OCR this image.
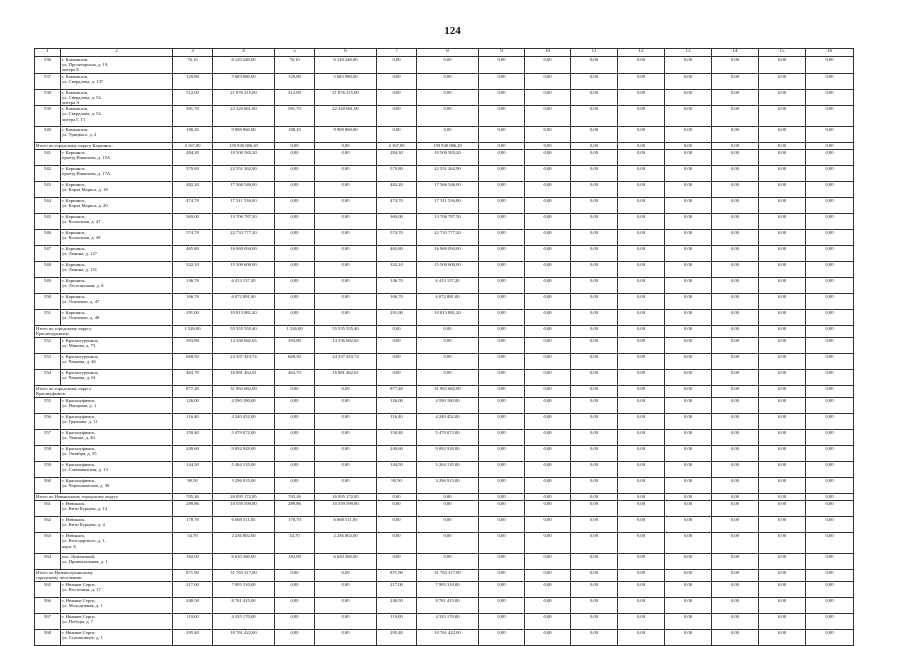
124
1	2	3	4	5	6	7	8	9	10	11	12	13	14	15	16
536	г. Камышлов,
ул. Пролетарская, д. 19,
литера Б	76,10	6 120 240,00	76,10	6 120 240,00	0,00	0,00	0,00	0,00	0,00	0,00	0,00	0,00	0,00	0,00
537	г. Камышлов,
ул. Свердлова, д. 137	129,80	5 683 080,00	129,80	5 683 080,00	0,00	0,00	0,00	0,00	0,00	0,00	0,00	0,00	0,00	0,00
538	г. Камышлов,
ул. Свердлова, д. 52,
литера А	512,00	21 876 215,00	512,00	21 876 215,00	0,00	0,00	0,00	0,00	0,00	0,00	0,00	0,00	0,00	0,00
539	г. Камышлов,
ул. Свердлова, д. 52,
литера Г, Г1	581,70	22 320 661,00	581,70	22 320 661,00	0,00	0,00	0,00	0,00	0,00	0,00	0,00	0,00	0,00	0,00
540	г. Камышлов,
ул. Урицкого, д. 2	188,20	9 908 960,00	188,20	9 908 960,00	0,00	0,00	0,00	0,00	0,00	0,00	0,00	0,00	0,00	0,00
Итого по городскому округу Карпинск:		4 167,00	159 940 086,20	0,00	0,00	4 167,00	159 940 086,20	0,00	0,00	0,00	0,00	0,00	0,00	0,00	0,00
541	г. Карпинск,
проезд Накипова, д. 15А	284,30	10 500 583,20	0,00	0,00	284,30	10 500 583,20	0,00	0,00	0,00	0,00	0,00	0,00	0,00	0,00
542	г. Карпинск,
проезд Накипова, д. 17А	579,80	22 551 262,90	0,00	0,00	579,80	22 551 262,90	0,00	0,00	0,00	0,00	0,00	0,00	0,00	0,00
543	г. Карпинск,
ул. Карла Маркса, д. 18	482,20	17 566 546,00	0,00	0,00	482,20	17 566 546,00	0,00	0,00	0,00	0,00	0,00	0,00	0,00	0,00
544	г. Карпинск,
ул. Карла Маркса, д. 20	474,70	17 311 536,00	0,00	0,00	474,70	17 311 536,00	0,00	0,00	0,00	0,00	0,00	0,00	0,00	0,00
545	г. Карпинск,
ул. Колхозная, д. 47	369,00	13 706 787,50	0,00	0,00	369,00	13 706 787,50	0,00	0,00	0,00	0,00	0,00	0,00	0,00	0,00
546	г. Карпинск,
ул. Колхозная, д. 49	574,70	22 733 777,20	0,00	0,00	574,70	22 733 777,20	0,00	0,00	0,00	0,00	0,00	0,00	0,00	0,00
547	г. Карпинск,
ул. Ленина, д. 127	465,80	16 969 094,00	0,00	0,00	465,80	16 969 094,00	0,00	0,00	0,00	0,00	0,00	0,00	0,00	0,00
548	г. Карпинск,
ул. Ленина, д. 131	332,10	15 500 600,00	0,00	0,00	332,10	15 500 600,00	0,00	0,00	0,00	0,00	0,00	0,00	0,00	0,00
549	г. Карпинск,
ул. Лесопильная, д. 8	146,70	6 413 137,20	0,00	0,00	146,70	6 413 137,20	0,00	0,00	0,00	0,00	0,00	0,00	0,00	0,00
550	г. Карпинск,
ул. Осипенко, д. 47	166,70	6 072 881,00	0,00	0,00	166,70	6 072 881,00	0,00	0,00	0,00	0,00	0,00	0,00	0,00	0,00
551	г. Карпинск,
ул. Осипенко, д. 48	291,00	10 813 881,20	0,00	0,00	291,00	10 813 881,20	0,00	0,00	0,00	0,00	0,00	0,00	0,00	0,00
Итого по городскому округу
Краснотурьинск:		1 526,00	55 555 555,40	1 526,00	55 555 555,40	0,00	0,00	0,00	0,00	0,00	0,00	0,00	0,00	0,00	0,00
552	г. Краснотурьинск,
ул. Микова, д. 73	393,80	14 336 682,65	393,80	14 336 682,65	0,00	0,00	0,00	0,00	0,00	0,00	0,00	0,00	0,00	0,00
553	г. Краснотурьинск,
ул. Чапаева, д. 46	668,50	24 337 410,74	668,50	24 337 410,74	0,00	0,00	0,00	0,00	0,00	0,00	0,00	0,00	0,00	0,00
554	г. Краснотурьинск,
ул. Чапаева, д. 61	463,70	16 881 462,01	463,70	16 881 462,01	0,00	0,00	0,00	0,00	0,00	0,00	0,00	0,00	0,00	0,00
Итого по городскому округу
Красноуфимск:		877,40	31 963 682,00	0,00	0,00	877,40	31 963 682,00	0,00	0,00	0,00	0,00	0,00	0,00	0,00	0,00
555	г. Красноуфимск,
ул. Нагорная, д. 1	126,00	4 590 180,00	0,00	0,00	126,00	4 590 180,00	0,00	0,00	0,00	0,00	0,00	0,00	0,00	0,00
556	г. Красноуфимск,
ул. Грязнова, д. 11	116,40	4 240 452,00	0,00	0,00	116,40	4 240 452,00	0,00	0,00	0,00	0,00	0,00	0,00	0,00	0,00
557	г. Красноуфимск,
ул. Ленина, д. 40	150,40	5 479 072,00	0,00	0,00	150,40	5 479 072,00	0,00	0,00	0,00	0,00	0,00	0,00	0,00	0,00
558	г. Красноуфимск,
ул. Октября, д. 35	249,60	9 092 928,00	0,00	0,00	249,60	9 092 928,00	0,00	0,00	0,00	0,00	0,00	0,00	0,00	0,00
559	г. Красноуфимск,
ул. Соковнинская, д. 13	144,50	5 264 135,00	0,00	0,00	144,50	5 264 135,00	0,00	0,00	0,00	0,00	0,00	0,00	0,00	0,00
560	г. Красноуфимск,
ул. Черепановская, д. 39	90,50	3 296 915,00	0,00	0,00	90,50	3 296 915,00	0,00	0,00	0,00	0,00	0,00	0,00	0,00	0,00
Итого по Невьянскому городскому округу		705,26	26 095 172,85	705,26	26 095 172,85	0,00	0,00	0,00	0,00	0,00	0,00	0,00	0,00	0,00	0,00
561	г. Невьянск,
ул. Вити Бурцева, д. 14	289,86	10 559 599,80	289,86	10 559 599,80	0,00	0,00	0,00	0,00	0,00	0,00	0,00	0,00	0,00	0,00
562	г. Невьянск,
ул. Вити Бурцева, д. 4	178,70	6 668 511,05	178,70	6 668 511,05	0,00	0,00	0,00	0,00	0,00	0,00	0,00	0,00	0,00	0,00
563	г. Невьянск,
ул. Володарского, д. 1,
корп. Б	54,70	2 236 802,00	54,70	2 236 802,00	0,00	0,00	0,00	0,00	0,00	0,00	0,00	0,00	0,00	0,00
564	пос. Цементный,
ул. Привокзальная, д. 1	182,00	6 630 260,00	182,00	6 630 260,00	0,00	0,00	0,00	0,00	0,00	0,00	0,00	0,00	0,00	0,00
Итого по Нижнесергинскому
городскому поселению:		871,90	31 763 317,00	0,00	0,00	871,90	31 763 317,00	0,00	0,00	0,00	0,00	0,00	0,00	0,00	0,00
565	г. Нижние Серги,
ул. Восточная, д. 17	217,00	7 905 310,00	0,00	0,00	217,00	7 905 310,00	0,00	0,00	0,00	0,00	0,00	0,00	0,00	0,00
566	г. Нижние Серги,
ул. Молодежная, д. 1	240,50	8 761 415,00	0,00	0,00	240,50	8 761 415,00	0,00	0,00	0,00	0,00	0,00	0,00	0,00	0,00
567	г. Нижние Серги,
ул. Победы, д. 7	119,00	4 335 170,00	0,00	0,00	119,00	4 335 170,00	0,00	0,00	0,00	0,00	0,00	0,00	0,00	0,00
568	г. Нижние Серги,
ул. Стахановцев, д. 1	295,40	10 761 422,00	0,00	0,00	295,40	10 761 422,00	0,00	0,00	0,00	0,00	0,00	0,00	0,00	0,00
